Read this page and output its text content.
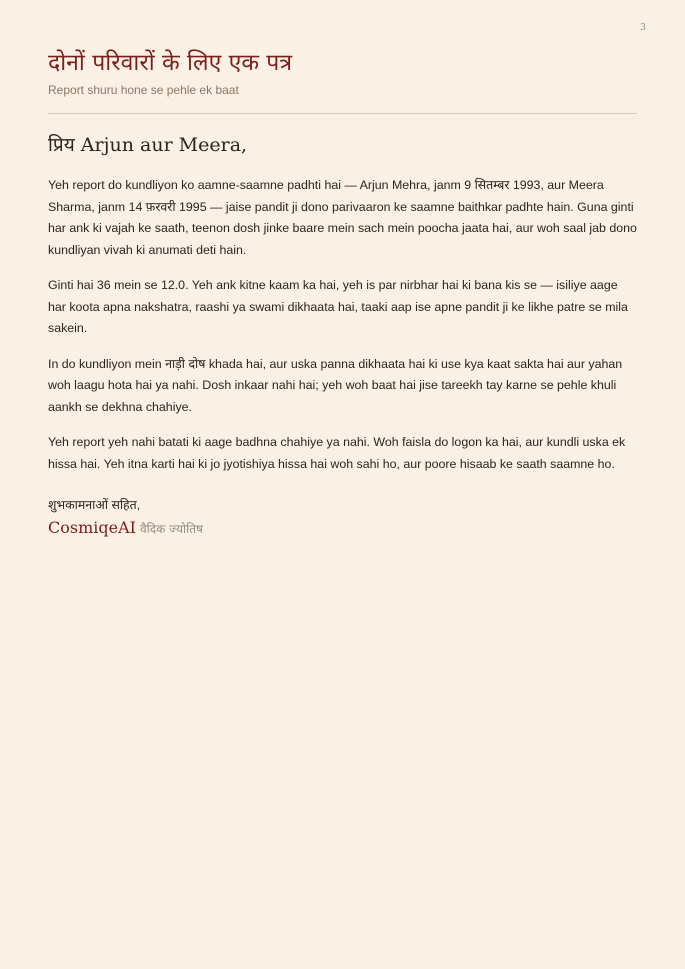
3
दोनों परिवारों के लिए एक पत्र
Report shuru hone se pehle ek baat
प्रिय Arjun aur Meera,

Yeh report do kundliyon ko aamne-saamne padhti hai — Arjun Mehra, janm 9 सितम्बर 1993, aur Meera Sharma, janm 14 फ़रवरी 1995 — jaise pandit ji dono parivaaron ke saamne baithkar padhte hain. Guna ginti har ank ki vajah ke saath, teenon dosh jinke baare mein sach mein poocha jaata hai, aur woh saal jab dono kundliyan vivah ki anumati deti hain.

Ginti hai 36 mein se 12.0. Yeh ank kitne kaam ka hai, yeh is par nirbhar hai ki bana kis se — isiliye aage har koota apna nakshatra, raashi ya swami dikhaata hai, taaki aap ise apne pandit ji ke likhe patre se mila sakein.

In do kundliyon mein नाड़ी दोष khada hai, aur uska panna dikhaata hai ki use kya kaat sakta hai aur yahan woh laagu hota hai ya nahi. Dosh inkaar nahi hai; yeh woh baat hai jise tareekh tay karne se pehle khuli aankh se dekhna chahiye.

Yeh report yeh nahi batati ki aage badhna chahiye ya nahi. Woh faisla do logon ka hai, aur kundli uska ek hissa hai. Yeh itna karti hai ki jo jyotishiya hissa hai woh sahi ho, aur poore hisaab ke saath saamne ho.

शुभकामनाओं सहित,
CosmiqeAI वैदिक ज्योतिष
